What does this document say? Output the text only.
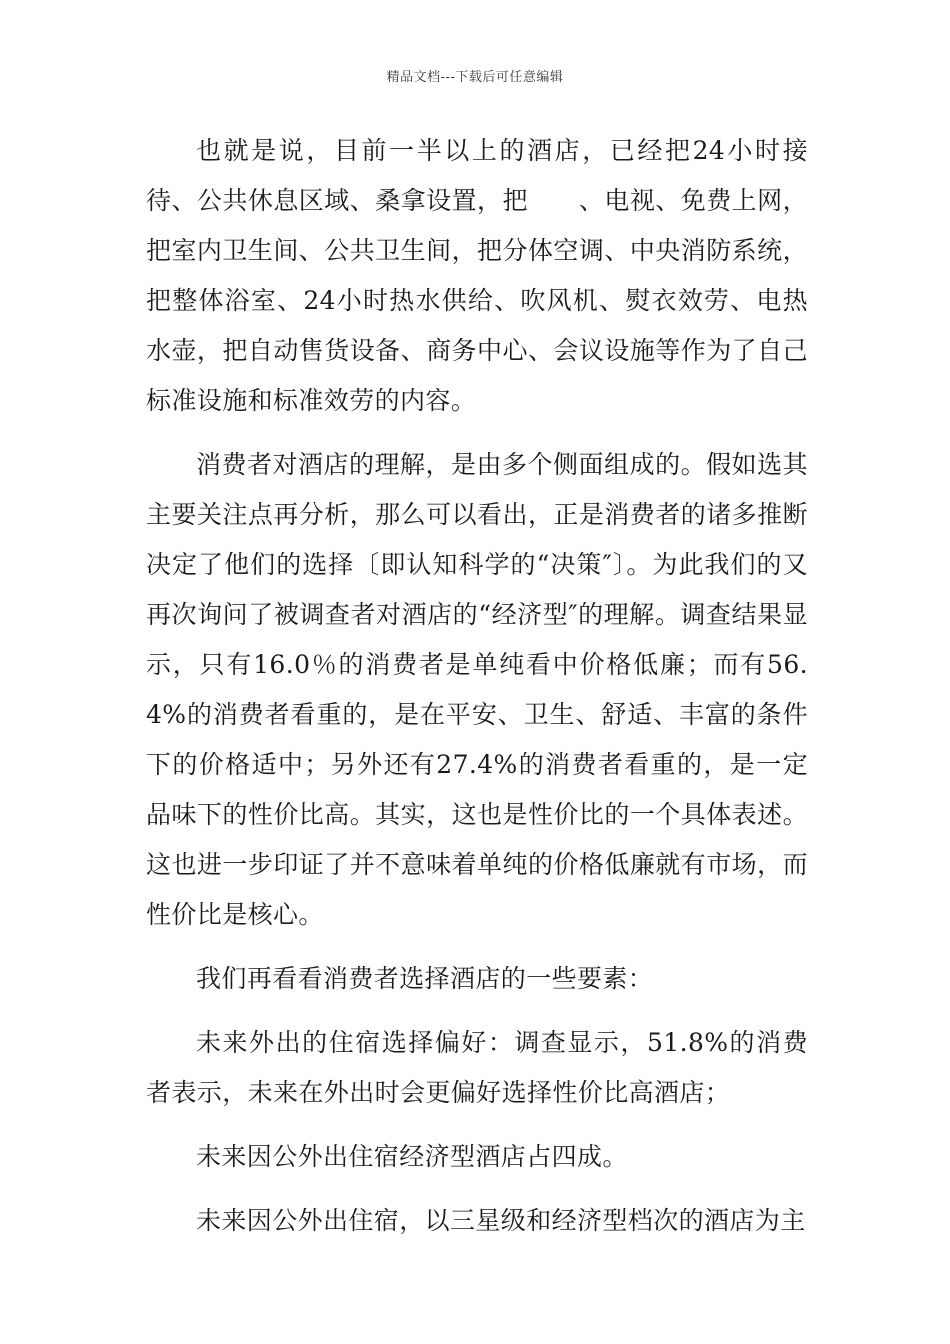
精品文档---下载后可任意编辑

也就是说，目前一半以上的酒店，已经把24小时接待、公共休息区域、桑拿设置，把　　、电视、免费上网，把室内卫生间、公共卫生间，把分体空调、中央消防系统，把整体浴室、24小时热水供给、吹风机、熨衣效劳、电热水壶，把自动售货设备、商务中心、会议设施等作为了自己标准设施和标准效劳的内容。

消费者对酒店的理解，是由多个侧面组成的。假如选其主要关注点再分析，那么可以看出，正是消费者的诸多推断决定了他们的选择〔即认知科学的“决策″〕。为此我们的又再次询问了被调查者对酒店的“经济型″的理解。调查结果显示，只有16.0％的消费者是单纯看中价格低廉；而有56.4%的消费者看重的，是在平安、卫生、舒适、丰富的条件下的价格适中；另外还有27.4%的消费者看重的，是一定品味下的性价比高。其实，这也是性价比的一个具体表述。这也进一步印证了并不意味着单纯的价格低廉就有市场，而性价比是核心。

我们再看看消费者选择酒店的一些要素：

未来外出的住宿选择偏好：调查显示，51.8%的消费者表示，未来在外出时会更偏好选择性价比高酒店；

未来因公外出住宿经济型酒店占四成。

未来因公外出住宿，以三星级和经济型档次的酒店为主
